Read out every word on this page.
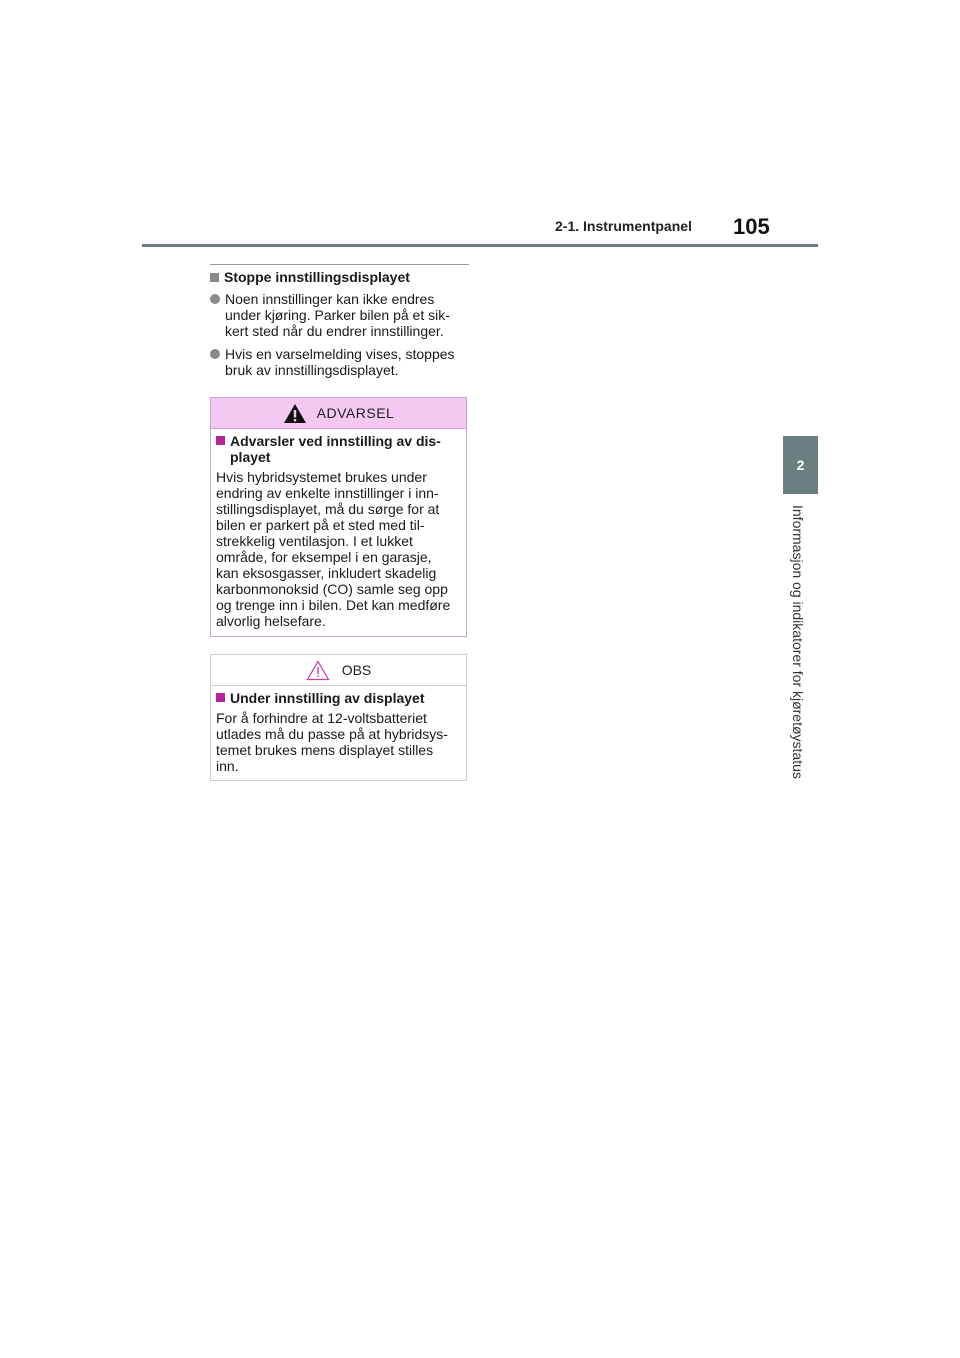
2-1. Instrumentpanel 105
2
Informasjon og indikatorer for kjøretøystatus
Stoppe innstillingsdisplayet
Noen innstillinger kan ikke endres
under kjøring. Parker bilen på et sik-
kert sted når du endrer innstillinger.
Hvis en varselmelding vises, stoppes
bruk av innstillingsdisplayet.
ADVARSEL
Advarsler ved innstilling av dis-
playet
Hvis hybridsystemet brukes under
endring av enkelte innstillinger i inn-
stillingsdisplayet, må du sørge for at
bilen er parkert på et sted med til-
strekkelig ventilasjon. I et lukket
område, for eksempel i en garasje,
kan eksosgasser, inkludert skadelig
karbonmonoksid (CO) samle seg opp
og trenge inn i bilen. Det kan medføre
alvorlig helsefare.
OBS
Under innstilling av displayet
For å forhindre at 12-voltsbatteriet
utlades må du passe på at hybridsys-
temet brukes mens displayet stilles
inn.
